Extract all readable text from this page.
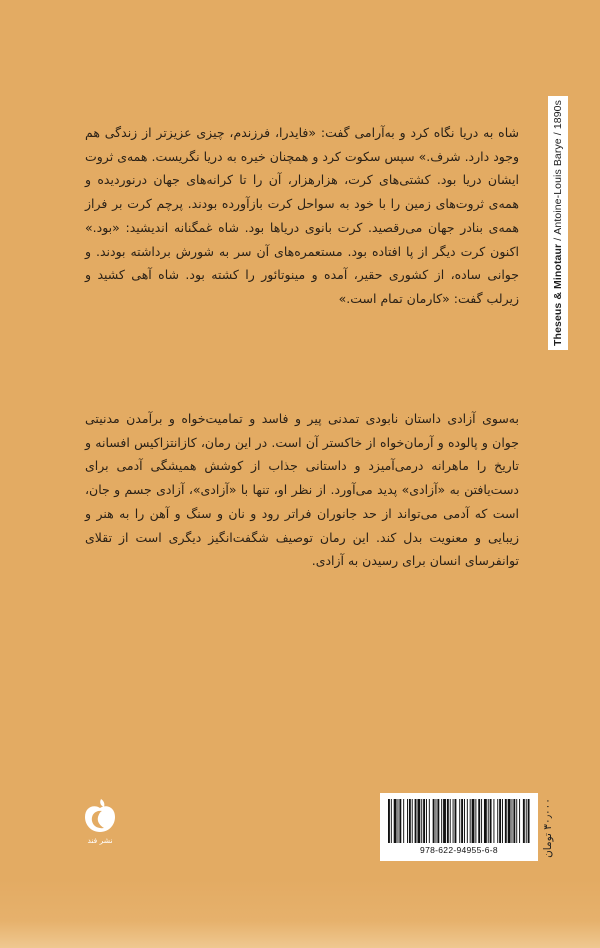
Theseus & Minotaur / Antoine-Louis Barye / 1890s

شاه به دریا نگاه کرد و به‌آرامی گفت: «فایدرا، فرزندم، چیزی عزیزتر از زندگی هم وجود دارد. شرف.» سپس سکوت کرد و همچنان خیره به دریا نگریست. همه‌ی ثروت ایشان دریا بود. کشتی‌های کرت، هزارهزار، آن را تا کرانه‌های جهان درنوردیده و همه‌ی ثروت‌های زمین را با خود به سواحل کرت بازآورده بودند. پرچم کرت بر فراز همه‌ی بنادر جهان می‌رقصید. کرت بانوی دریاها بود. شاه غمگنانه اندیشید: «بود.» اکنون کرت دیگر از پا افتاده بود. مستعمره‌های آن سر به شورش برداشته بودند. و جوانی ساده، از کشوری حقیر، آمده و مینوتائور را کشته بود. شاه آهی کشید و زیرلب گفت: «کارمان تمام است.»

به‌سوی آزادی داستان نابودی تمدنی پیر و فاسد و تمامیت‌خواه و برآمدن مدنیتی جوان و پالوده و آرمان‌خواه از خاکستر آن است. در این رمان، کازانتزاکیس افسانه و تاریخ را ماهرانه درمی‌آمیزد و داستانی جذاب از کوشش همیشگی آدمی برای دست‌یافتن به «آزادی» پدید می‌آورد. از نظر او، تنها با «آزادی»، آزادی جسم و جان، است که آدمی می‌تواند از حد جانوران فراتر رود و نان و سنگ و آهن را به هنر و زیبایی و معنویت بدل کند. این رمان توصیف شگفت‌انگیز دیگری است از تقلای توانفرسای انسان برای رسیدن به آزادی.

نشر فند
978-622-94955-6-8	۳۰٫۰۰۰ تومان
